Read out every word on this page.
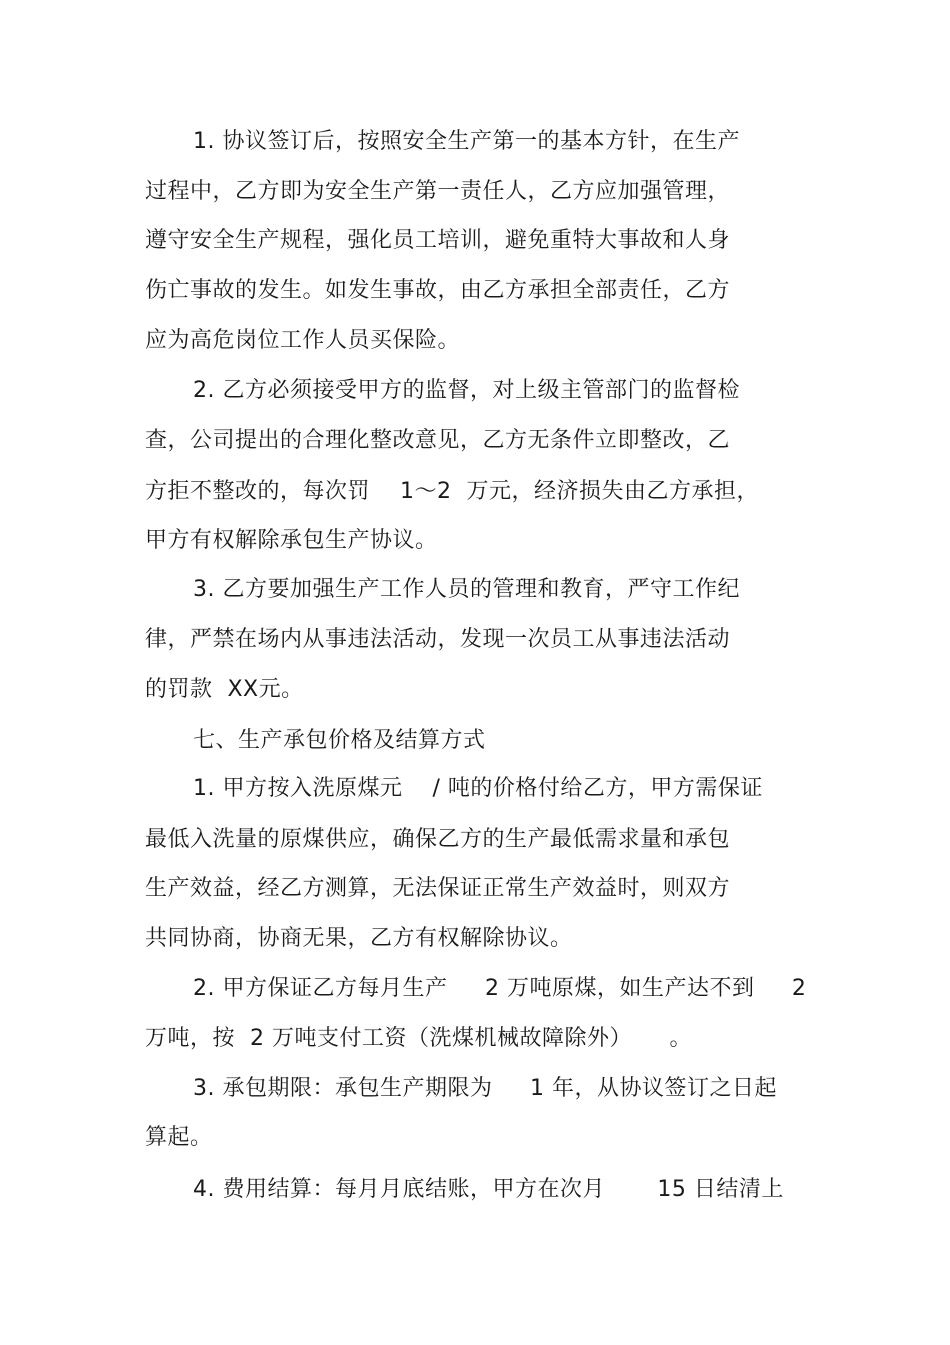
1. 协议签订后，按照安全生产第一的基本方针，在生产
过程中，乙方即为安全生产第一责任人，乙方应加强管理，
遵守安全生产规程，强化员工培训，避免重特大事故和人身
伤亡事故的发生。如发生事故，由乙方承担全部责任，乙方
应为高危岗位工作人员买保险。
2. 乙方必须接受甲方的监督，对上级主管部门的监督检
查，公司提出的合理化整改意见，乙方无条件立即整改，乙
方拒不整改的，每次罚    1～2  万元，经济损失由乙方承担，
甲方有权解除承包生产协议。
3. 乙方要加强生产工作人员的管理和教育，严守工作纪
律，严禁在场内从事违法活动，发现一次员工从事违法活动
的罚款  XX元。
七、生产承包价格及结算方式
1. 甲方按入洗原煤元    / 吨的价格付给乙方，甲方需保证
最低入洗量的原煤供应，确保乙方的生产最低需求量和承包
生产效益，经乙方测算，无法保证正常生产效益时，则双方
共同协商，协商无果，乙方有权解除协议。
2. 甲方保证乙方每月生产     2 万吨原煤，如生产达不到     2
万吨，按  2 万吨支付工资（洗煤机械故障除外）     。
3. 承包期限：承包生产期限为     1 年，从协议签订之日起
算起。
4. 费用结算：每月月底结账，甲方在次月       15 日结清上
